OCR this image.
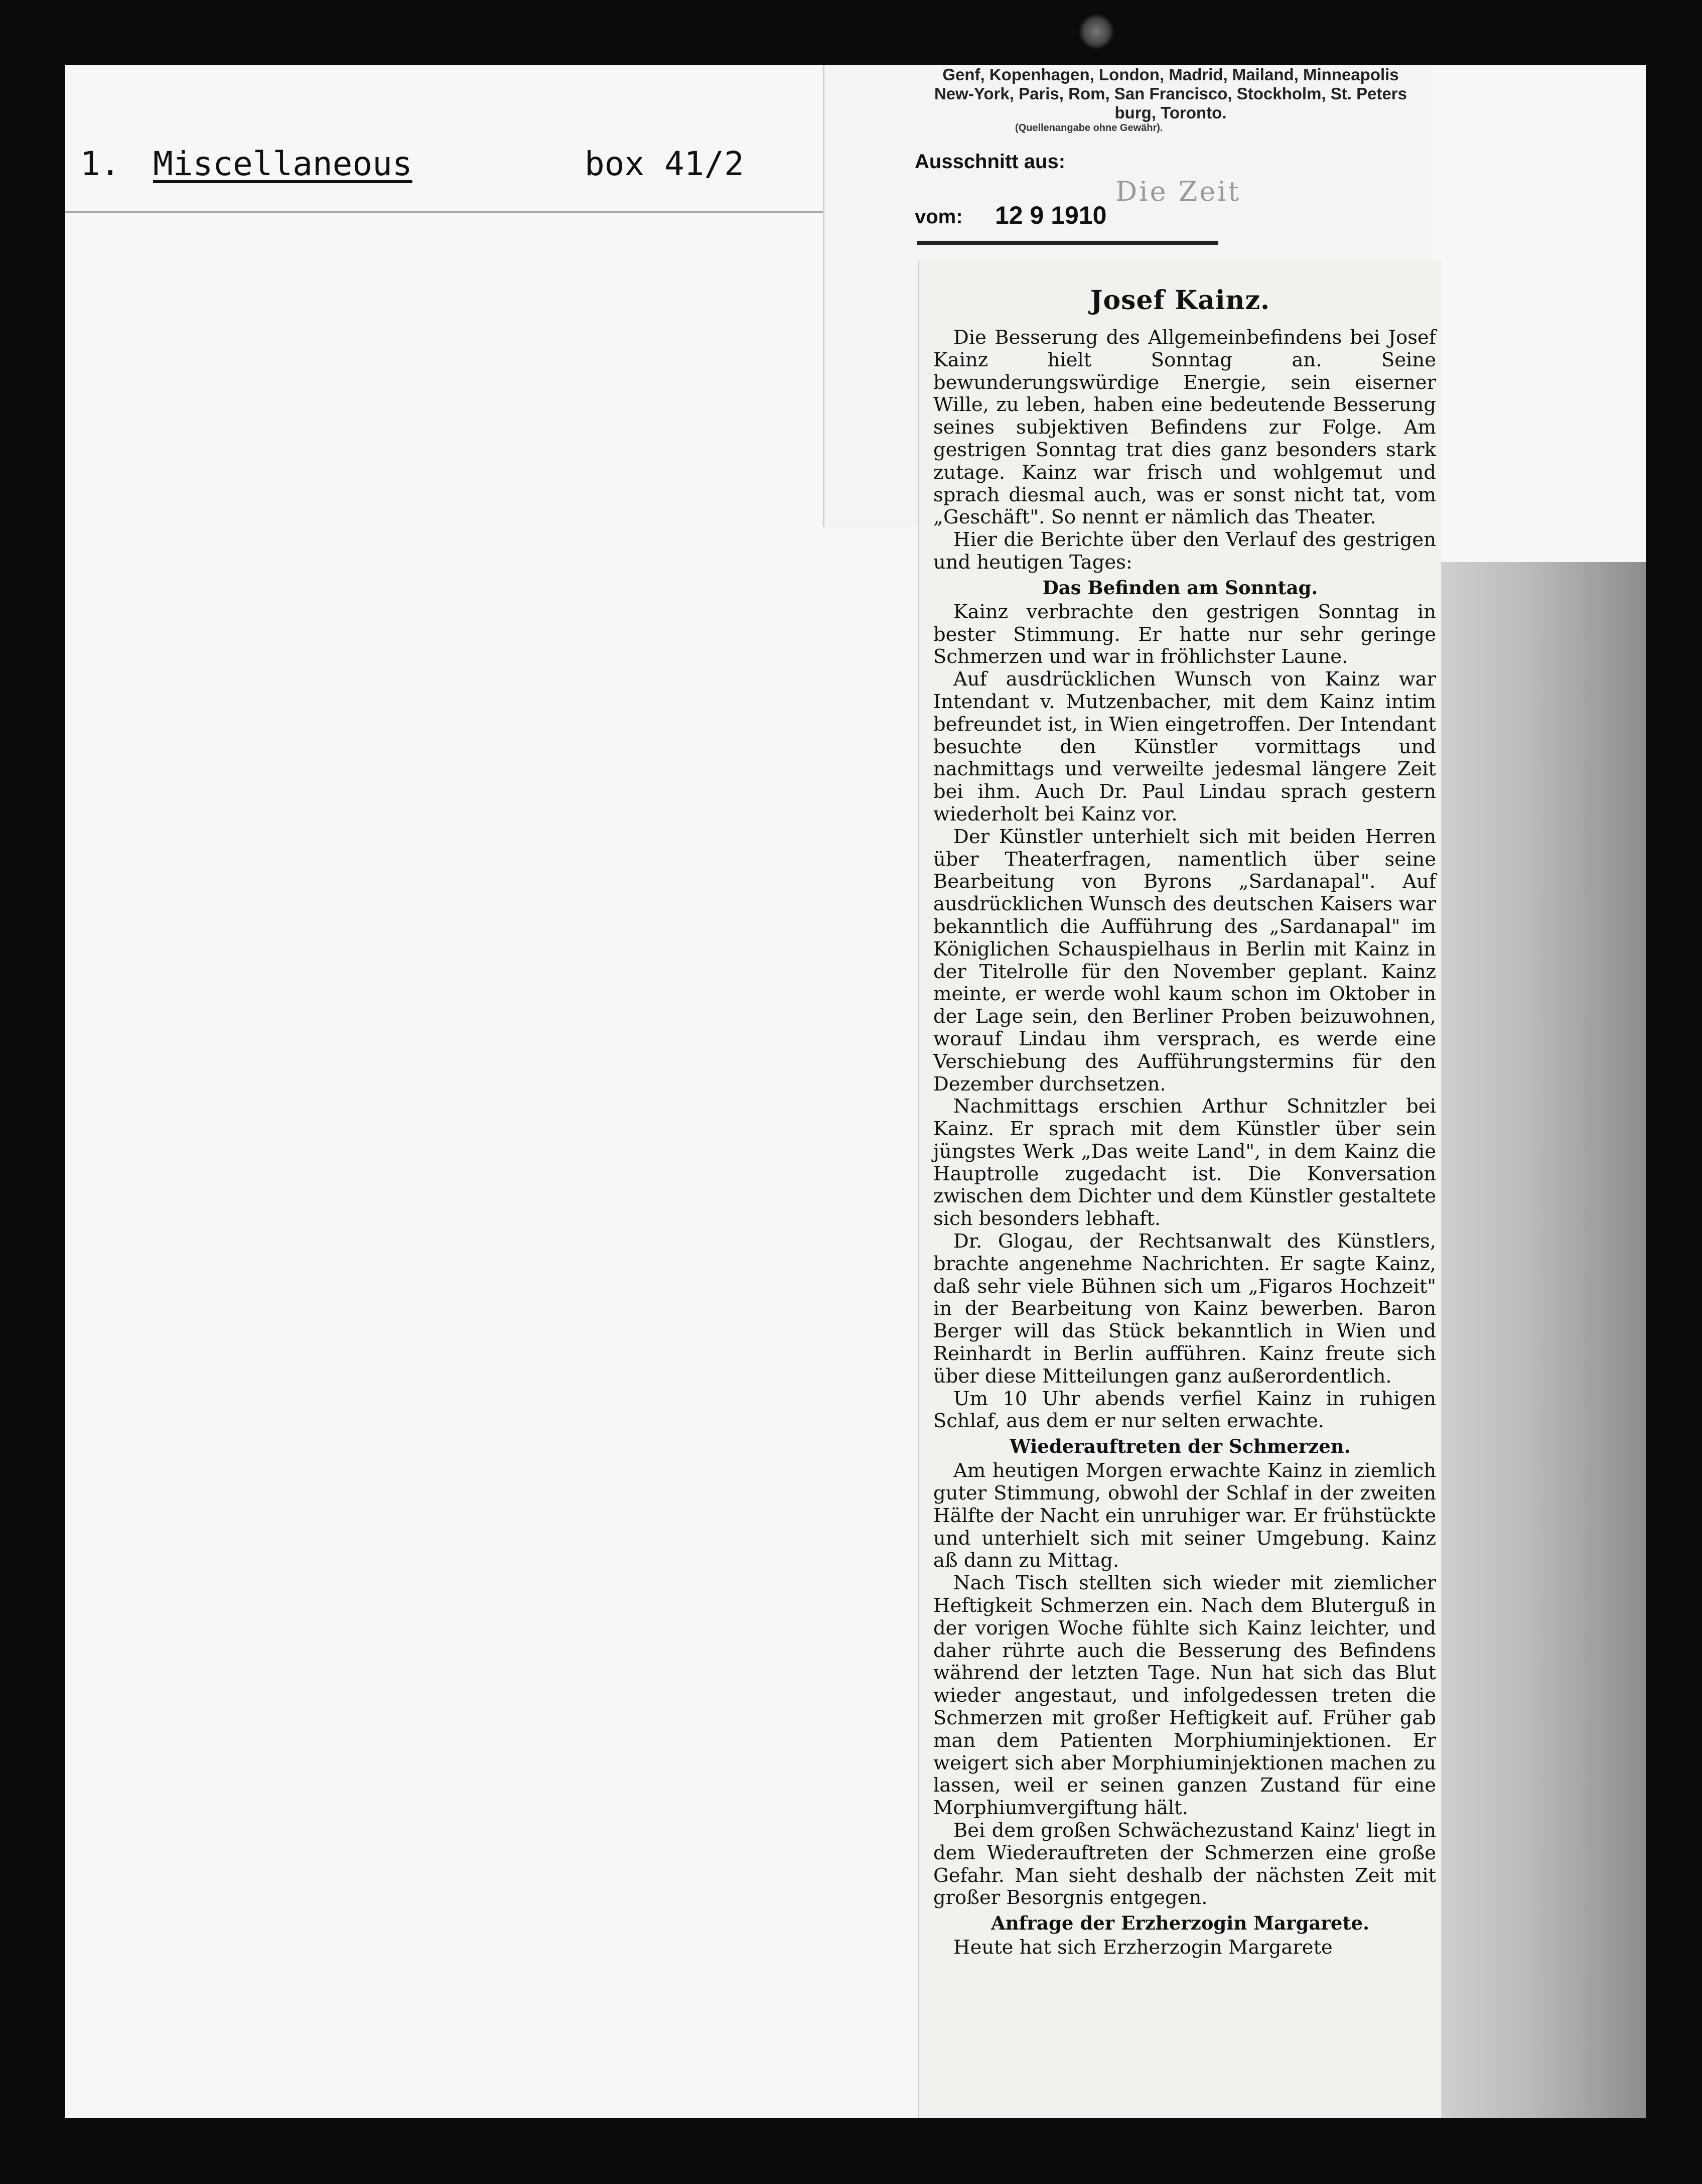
1. Miscellaneous	box 41/2
Genf, Kopenhagen, London, Madrid, Mailand, Minneapolis
New-York, Paris, Rom, San Francisco, Stockholm, St. Peters
burg, Toronto.
(Quellenangabe ohne Gewähr).
Ausschnitt aus:
Die Zeit
vom: 12 9 1910
Josef Kainz.

Die Besserung des Allgemeinbefindens bei Josef Kainz hielt Sonntag an. Seine bewunderungswürdige Energie, sein eiserner Wille, zu leben, haben eine bedeutende Besserung seines subjektiven Befindens zur Folge. Am gestrigen Sonntag trat dies ganz besonders stark zutage. Kainz war frisch und wohlgemut und sprach diesmal auch, was er sonst nicht tat, vom „Geschäft". So nennt er nämlich das Theater.

Hier die Berichte über den Verlauf des gestrigen und heutigen Tages:

Das Befinden am Sonntag.

Kainz verbrachte den gestrigen Sonntag in bester Stimmung. Er hatte nur sehr geringe Schmerzen und war in fröhlichster Laune.

Auf ausdrücklichen Wunsch von Kainz war Intendant v. Mutzenbacher, mit dem Kainz intim befreundet ist, in Wien eingetroffen. Der Intendant besuchte den Künstler vormittags und nachmittags und verweilte jedesmal längere Zeit bei ihm. Auch Dr. Paul Lindau sprach gestern wiederholt bei Kainz vor.

Der Künstler unterhielt sich mit beiden Herren über Theaterfragen, namentlich über seine Bearbeitung von Byrons „Sardanapal". Auf ausdrücklichen Wunsch des deutschen Kaisers war bekanntlich die Aufführung des „Sardanapal" im Königlichen Schauspielhaus in Berlin mit Kainz in der Titelrolle für den November geplant. Kainz meinte, er werde wohl kaum schon im Oktober in der Lage sein, den Berliner Proben beizuwohnen, worauf Lindau ihm versprach, es werde eine Verschiebung des Aufführungstermins für den Dezember durchsetzen.

Nachmittags erschien Arthur Schnitzler bei Kainz. Er sprach mit dem Künstler über sein jüngstes Werk „Das weite Land", in dem Kainz die Hauptrolle zugedacht ist. Die Konversation zwischen dem Dichter und dem Künstler gestaltete sich besonders lebhaft.

Dr. Glogau, der Rechtsanwalt des Künstlers, brachte angenehme Nachrichten. Er sagte Kainz, daß sehr viele Bühnen sich um „Figaros Hochzeit" in der Bearbeitung von Kainz bewerben. Baron Berger will das Stück bekanntlich in Wien und Reinhardt in Berlin aufführen. Kainz freute sich über diese Mitteilungen ganz außerordentlich.

Um 10 Uhr abends verfiel Kainz in ruhigen Schlaf, aus dem er nur selten erwachte.

Wiederauftreten der Schmerzen.

Am heutigen Morgen erwachte Kainz in ziemlich guter Stimmung, obwohl der Schlaf in der zweiten Hälfte der Nacht ein unruhiger war. Er frühstückte und unterhielt sich mit seiner Umgebung. Kainz aß dann zu Mittag.

Nach Tisch stellten sich wieder mit ziemlicher Heftigkeit Schmerzen ein. Nach dem Bluterguß in der vorigen Woche fühlte sich Kainz leichter, und daher rührte auch die Besserung des Befindens während der letzten Tage. Nun hat sich das Blut wieder angestaut, und infolgedessen treten die Schmerzen mit großer Heftigkeit auf. Früher gab man dem Patienten Morphiuminjektionen. Er weigert sich aber Morphiuminjektionen machen zu lassen, weil er seinen ganzen Zustand für eine Morphiumvergiftung hält.

Bei dem großen Schwächezustand Kainz' liegt in dem Wiederauftreten der Schmerzen eine große Gefahr. Man sieht deshalb der nächsten Zeit mit großer Besorgnis entgegen.

Anfrage der Erzherzogin Margarete.

Heute hat sich Erzherzogin Margarete
